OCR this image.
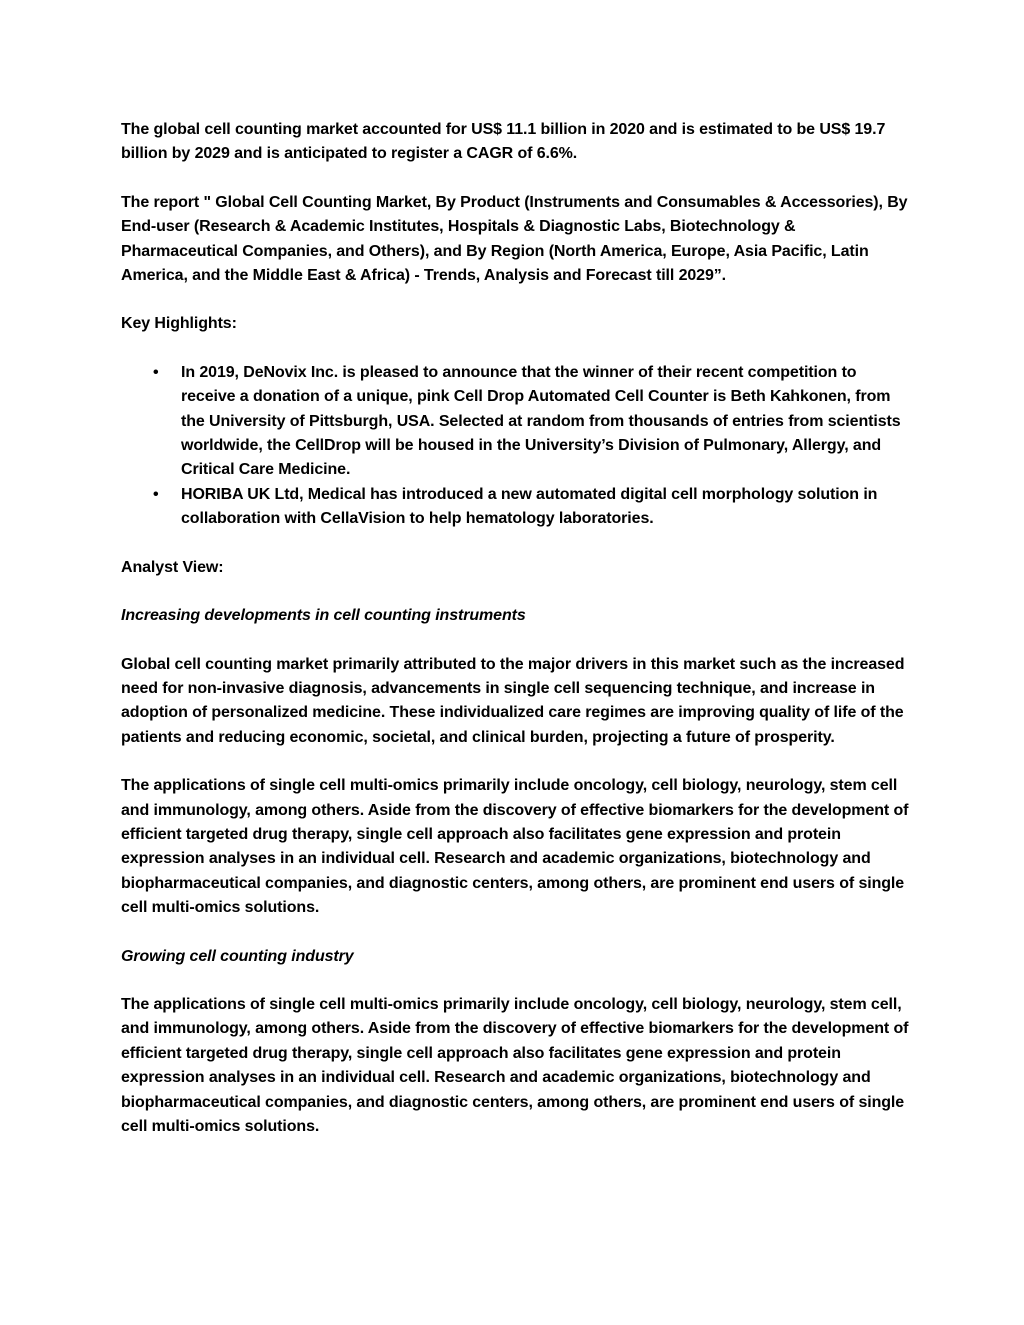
The global cell counting market accounted for US$ 11.1 billion in 2020 and is estimated to be US$ 19.7 billion by 2029 and is anticipated to register a CAGR of 6.6%.

The report " Global Cell Counting Market, By Product (Instruments and Consumables & Accessories), By End-user (Research & Academic Institutes, Hospitals & Diagnostic Labs, Biotechnology & Pharmaceutical Companies, and Others), and By Region (North America, Europe, Asia Pacific, Latin America, and the Middle East & Africa) - Trends, Analysis and Forecast till 2029”.

Key Highlights:

• In 2019, DeNovix Inc. is pleased to announce that the winner of their recent competition to receive a donation of a unique, pink Cell Drop Automated Cell Counter is Beth Kahkonen, from the University of Pittsburgh, USA. Selected at random from thousands of entries from scientists worldwide, the CellDrop will be housed in the University’s Division of Pulmonary, Allergy, and Critical Care Medicine.
• HORIBA UK Ltd, Medical has introduced a new automated digital cell morphology solution in collaboration with CellaVision to help hematology laboratories.

Analyst View:

Increasing developments in cell counting instruments

Global cell counting market primarily attributed to the major drivers in this market such as the increased need for non-invasive diagnosis, advancements in single cell sequencing technique, and increase in adoption of personalized medicine. These individualized care regimes are improving quality of life of the patients and reducing economic, societal, and clinical burden, projecting a future of prosperity.

The applications of single cell multi-omics primarily include oncology, cell biology, neurology, stem cell and immunology, among others. Aside from the discovery of effective biomarkers for the development of efficient targeted drug therapy, single cell approach also facilitates gene expression and protein expression analyses in an individual cell. Research and academic organizations, biotechnology and biopharmaceutical companies, and diagnostic centers, among others, are prominent end users of single cell multi-omics solutions.

Growing cell counting industry

The applications of single cell multi-omics primarily include oncology, cell biology, neurology, stem cell, and immunology, among others. Aside from the discovery of effective biomarkers for the development of efficient targeted drug therapy, single cell approach also facilitates gene expression and protein expression analyses in an individual cell. Research and academic organizations, biotechnology and biopharmaceutical companies, and diagnostic centers, among others, are prominent end users of single cell multi-omics solutions.
